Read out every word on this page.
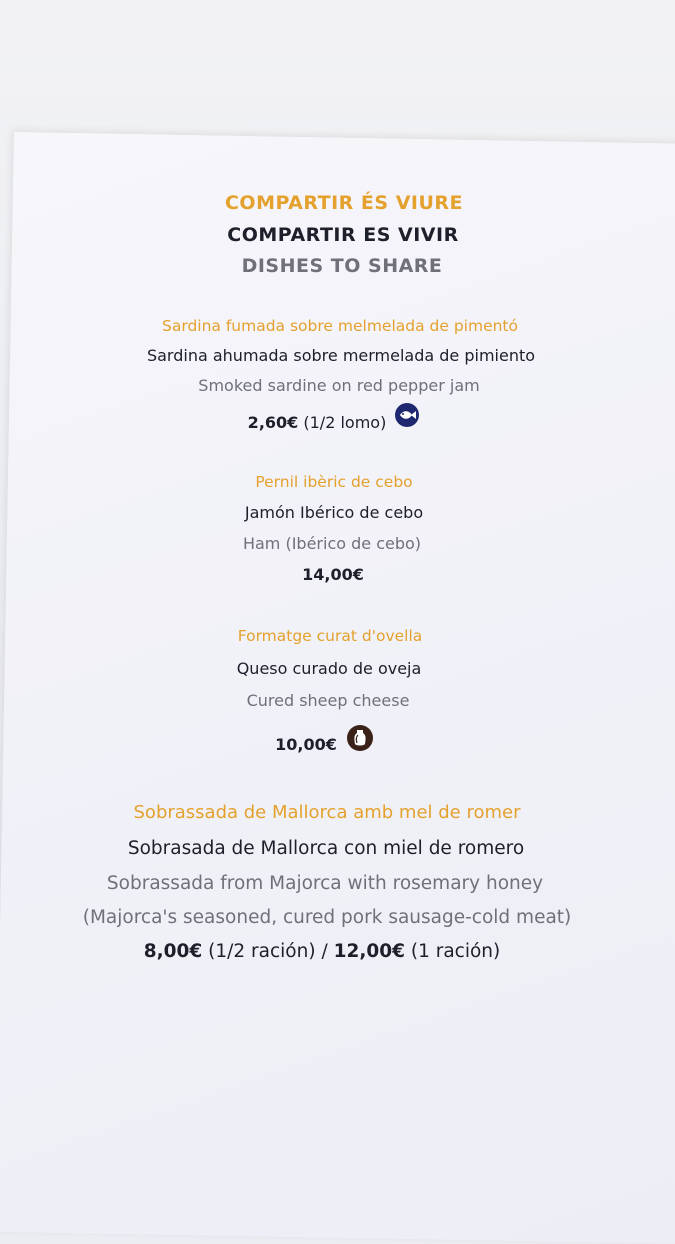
COMPARTIR ÉS VIURE
COMPARTIR ES VIVIR
DISHES TO SHARE
Sardina fumada sobre melmelada de pimentó
Sardina ahumada sobre mermelada de pimiento
Smoked sardine on red pepper jam
2,60€ (1/2 lomo)
Pernil ibèric de cebo
Jamón Ibérico de cebo
Ham (Ibérico de cebo)
14,00€
Formatge curat d'ovella
Queso curado de oveja
Cured sheep cheese
10,00€
Sobrassada de Mallorca amb mel de romer
Sobrasada de Mallorca con miel de romero
Sobrassada from Majorca with rosemary honey
(Majorca's seasoned, cured pork sausage-cold meat)
8,00€ (1/2 ración) / 12,00€ (1 ración)
